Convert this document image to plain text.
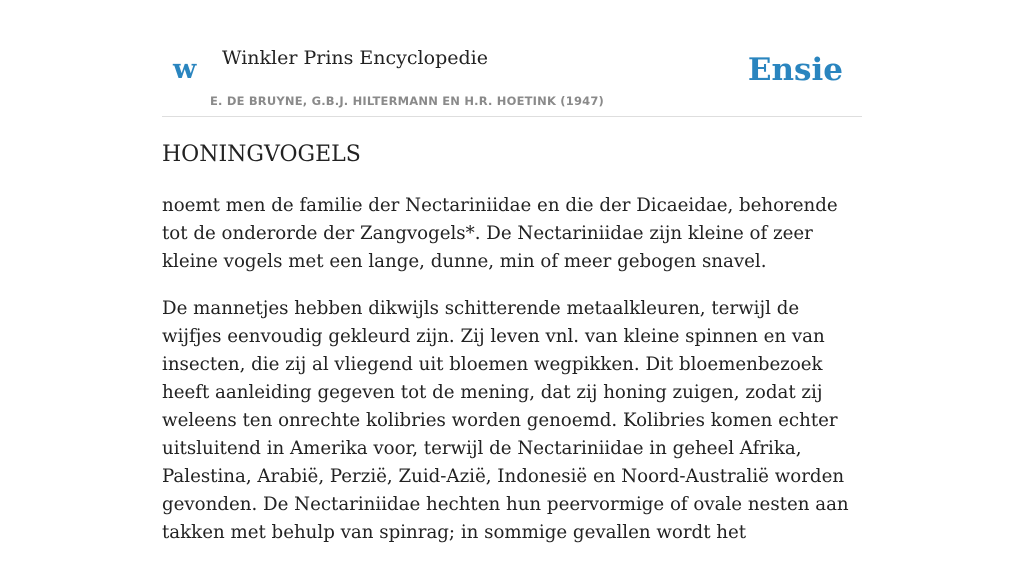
w Winkler Prins Encyclopedie
E. DE BRUYNE, G.B.J. HILTERMANN EN H.R. HOETINK (1947)
Ensie
HONINGVOGELS

noemt men de familie der Nectariniidae en die der Dicaeidae, behorende tot de onderorde der Zangvogels*. De Nectariniidae zijn kleine of zeer kleine vogels met een lange, dunne, min of meer gebogen snavel.

De mannetjes hebben dikwijls schitterende metaalkleuren, terwijl de wijfjes eenvoudig gekleurd zijn. Zij leven vnl. van kleine spinnen en van insecten, die zij al vliegend uit bloemen wegpikken. Dit bloemenbezoek heeft aanleiding gegeven tot de mening, dat zij honing zuigen, zodat zij weleens ten onrechte kolibries worden genoemd. Kolibries komen echter uitsluitend in Amerika voor, terwijl de Nectariniidae in geheel Afrika, Palestina, Arabië, Perzië, Zuid-Azië, Indonesië en Noord-Australië worden gevonden. De Nectariniidae hechten hun peervormige of ovale nesten aan takken met behulp van spinrag; in sommige gevallen wordt het
